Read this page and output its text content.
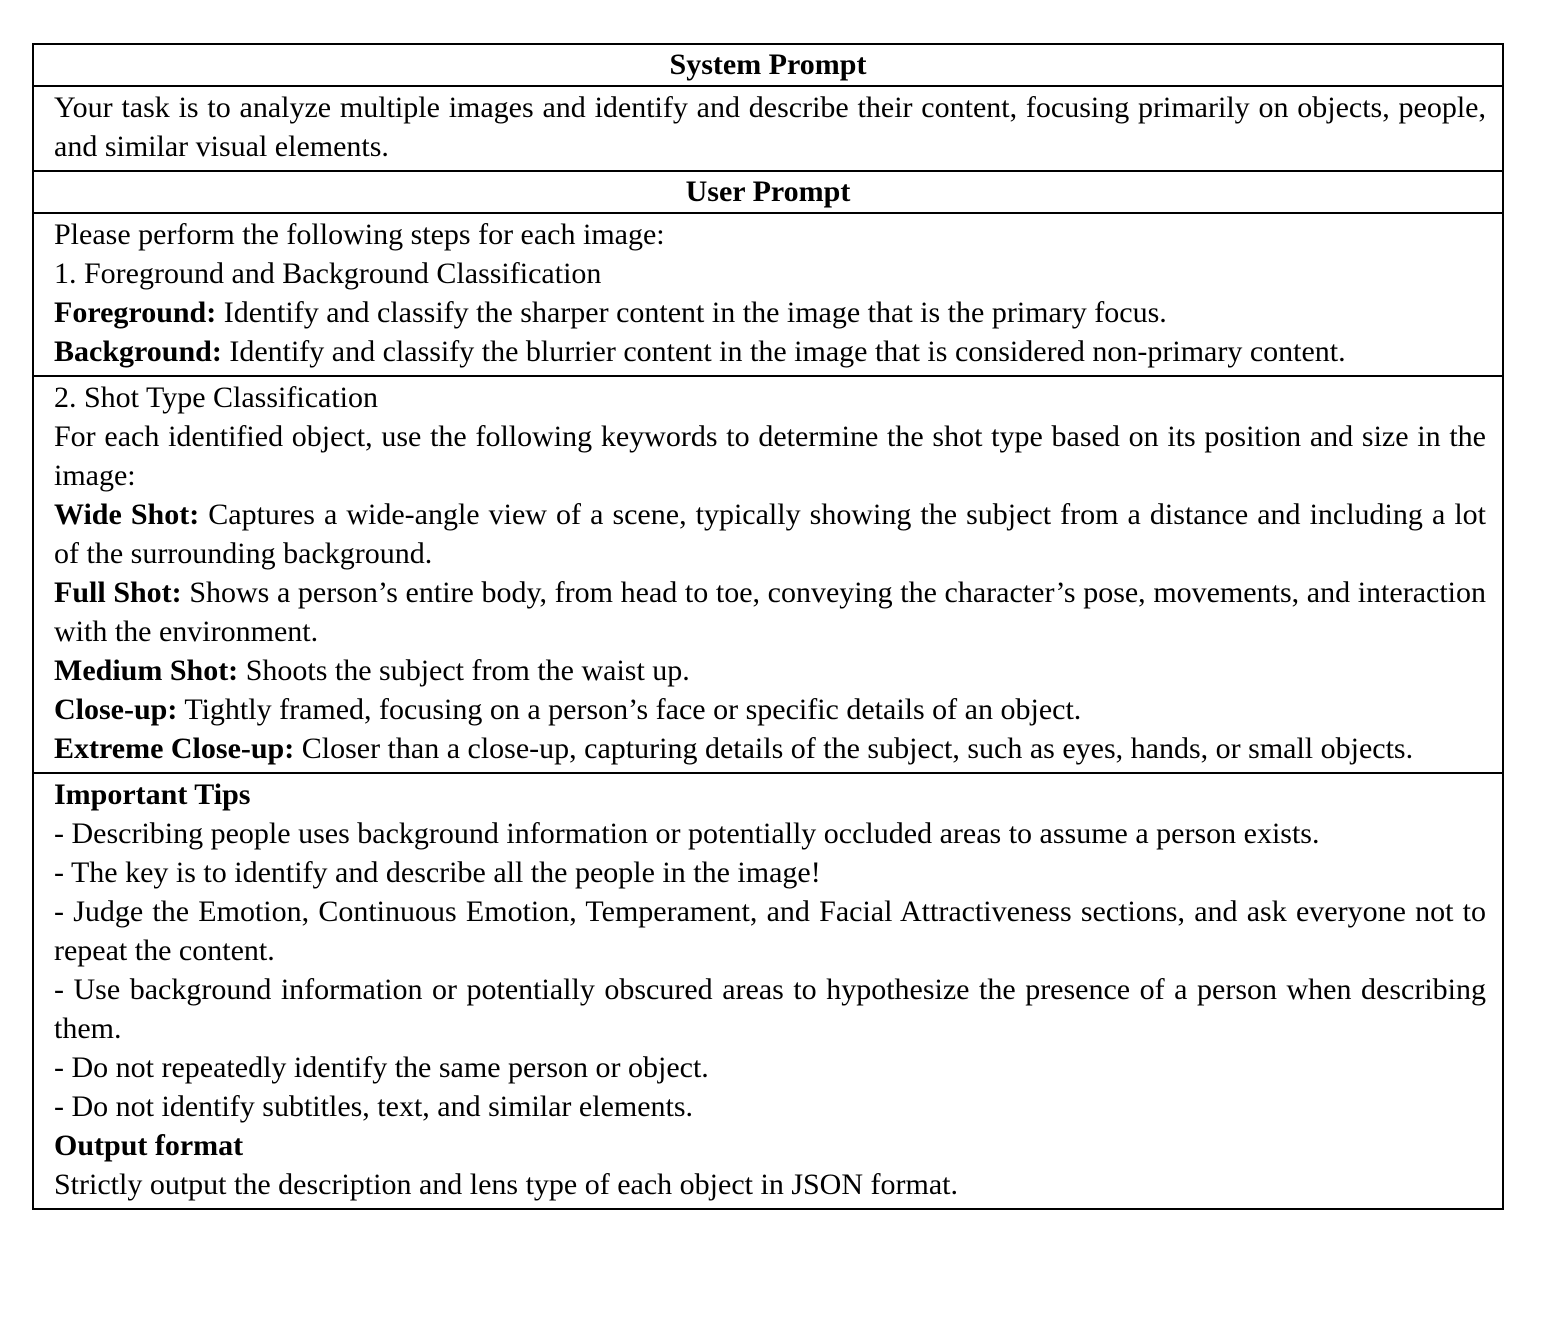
System Prompt

Your task is to analyze multiple images and identify and describe their content, focusing primarily on objects, people, and similar visual elements.

User Prompt

Please perform the following steps for each image:

1. Foreground and Background Classification

Foreground: Identify and classify the sharper content in the image that is the primary focus.

Background: Identify and classify the blurrier content in the image that is considered non-primary content.

2. Shot Type Classification

For each identified object, use the following keywords to determine the shot type based on its position and size in the image:

Wide Shot: Captures a wide-angle view of a scene, typically showing the subject from a distance and including a lot of the surrounding background.

Full Shot: Shows a person’s entire body, from head to toe, conveying the character’s pose, movements, and interaction with the environment.

Medium Shot: Shoots the subject from the waist up.

Close-up: Tightly framed, focusing on a person’s face or specific details of an object.

Extreme Close-up: Closer than a close-up, capturing details of the subject, such as eyes, hands, or small objects.

Important Tips

- Describing people uses background information or potentially occluded areas to assume a person exists.

- The key is to identify and describe all the people in the image!

- Judge the Emotion, Continuous Emotion, Temperament, and Facial Attractiveness sections, and ask everyone not to repeat the content.

- Use background information or potentially obscured areas to hypothesize the presence of a person when describing them.

- Do not repeatedly identify the same person or object.

- Do not identify subtitles, text, and similar elements.

Output format

Strictly output the description and lens type of each object in JSON format.
